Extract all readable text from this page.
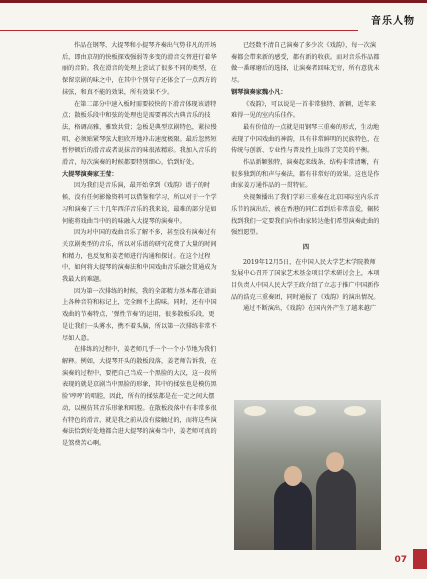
音乐人物

作品在钢琴、大提琴和小提琴齐奏出气势非凡的开场后，即由京胡的快板探戏强弱等多变的滑音交替进行着华丽的音阶。我在滑音的处理上尝试了很多不同的类型，在保留京剧的味之中，在其中个别句子还体会了一点西方的抹弦，和真不能的效果，所有效果不少。

在第二部分中速入板时需要较快的下滑音体现该谱特点；散板乐段中和弦的处理也是需要再次古典音乐的技法，格调高雅，雅致共赏；急板是典型京剧特色，紧拉慢唱，必须贴紧琴弦大胆欣开地冲击速度极限。最后忽然短暂停顿后的滑音或者说抹音的味很浓精彩。我加入音乐的滑音，每次演奏的时候都要特别细心，恰到好处。

大提琴演奏家王莹：

因为我们是音乐演，最开始拿到《戏韵》谱子的时候，没有任何影像资料可以借鉴和学习，所以对于一个学习和演奏了三十几年西洋音乐的我来说，最难的部分是如何能将戏曲当中的的味融入大提琴的演奏中。

因为对中国的戏曲音乐了解不多，甚至没有演奏过有关京剧类型的音乐，所以对乐谱的研究花费了大量的时间和精力，也反复和姜老师进行沟通和探讨。在这个过程中，如何将大提琴的演奏法和中国戏曲音乐融会贯通成为我最大的难题。

因为第一次排练的时候，我的全部精力基本都在谱面上各种音符和标记上，完全顾不上韵味。同时，还有中国戏曲的节奏特点，‘弹性节奏’的运用，很多散板乐段，更是让我们一头雾水，携不着头脑，所以第一次排练非常不尽如人意。

在排练的过程中，姜老师几乎一个一个小节地为我们解释。例如，大提琴开头的散板段落，姜老师告诉我，在演奏的过程中，要把自己当成一个黑脸的大汉，这一段所表现的就是京剧当中黑脸的形象，其中的揉弦也是模仿黑脸‘哼哼’的唱腔，因此，所有的揉弦都是在一定之间大摆动，以模仿其音乐形象和唱腔。在散板段落中有非常多很有特色的滑音，就是我之前从没有接触过的，而将这些演奏法恰到好处地都合进大提琴的演奏当中，姜老师可真的是煞费苦心啊。

已经数不清自己演奏了多少次《戏韵》，每一次演奏都会带来新的感受，都有新的收获。而对音乐作品都做一番琢磨后的选择，让演奏者回味无穷，所有意犹未尽。

钢琴演奏家魏小凡：

《戏韵》，可以说是一首非常独特、新颖，近年来难得一见的室内乐佳作。

最有价值的一点就是用钢琴三重奏的形式，生动地表现了中国戏曲的神韵，具有非常鲜明的民族特色，在传统与创新、专业性与普及性上取得了完美的平衡。

作品新颖独特，演奏起来线条、结构非常清晰，有很多独到的和声与奏法，都有非常好的效果。这也是作曲家姜万通作品的一贯特征。

央视频播出了我们学彩三重奏在北京国际室内乐音乐节的演出后，被在香港的同仁看到后非常喜爱，辗转找到我们一定要我们向作曲家转达他们希望演奏此曲的强烈愿望。

四

2019年12月5日，在中国人民大学艺术学院教师发展中心召开了国家艺术基金项目学术研讨会上，本项目负责人中国人民大学王政介绍了立志于推广中国新作品的浩克三重奏团，同时通报了《戏韵》的演出情况。

通过不断演出，《戏韵》在国内外产生了越来越广

07
